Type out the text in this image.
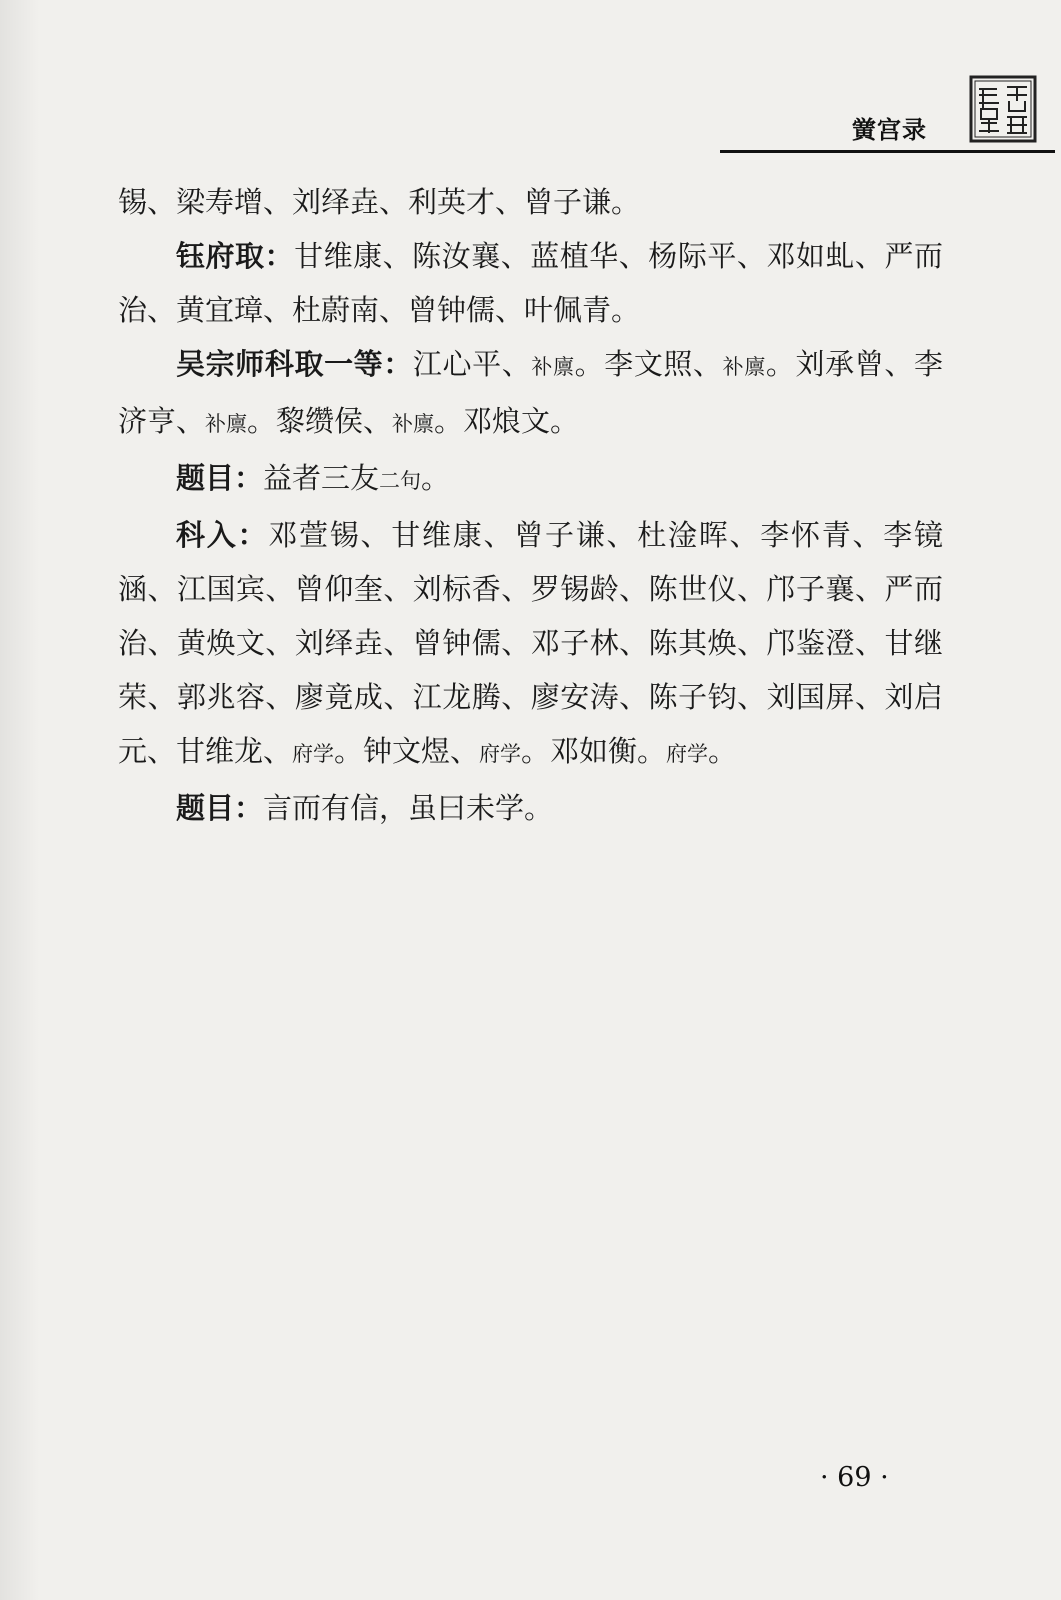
黉宫录

锡、梁寿增、刘绎垚、利英才、曾子谦。

钰府取：甘维康、陈汝襄、蓝植华、杨际平、邓如虬、严而治、黄宜璋、杜蔚南、曾钟儒、叶佩青。

吴宗师科取一等：江心平、补廪。李文照、补廪。刘承曾、李济亨、补廪。黎缵侯、补廪。邓烺文。

题目：益者三友二句。

科入：邓萱锡、甘维康、曾子谦、杜淦晖、李怀青、李镜涵、江国宾、曾仰奎、刘标香、罗锡龄、陈世仪、邝子襄、严而治、黄焕文、刘绎垚、曾钟儒、邓子林、陈其焕、邝鉴澄、甘继荣、郭兆容、廖竟成、江龙腾、廖安涛、陈子钧、刘国屏、刘启元、甘维龙、府学。钟文煜、府学。邓如衡。府学。

题目：言而有信，虽曰未学。

· 69 ·
